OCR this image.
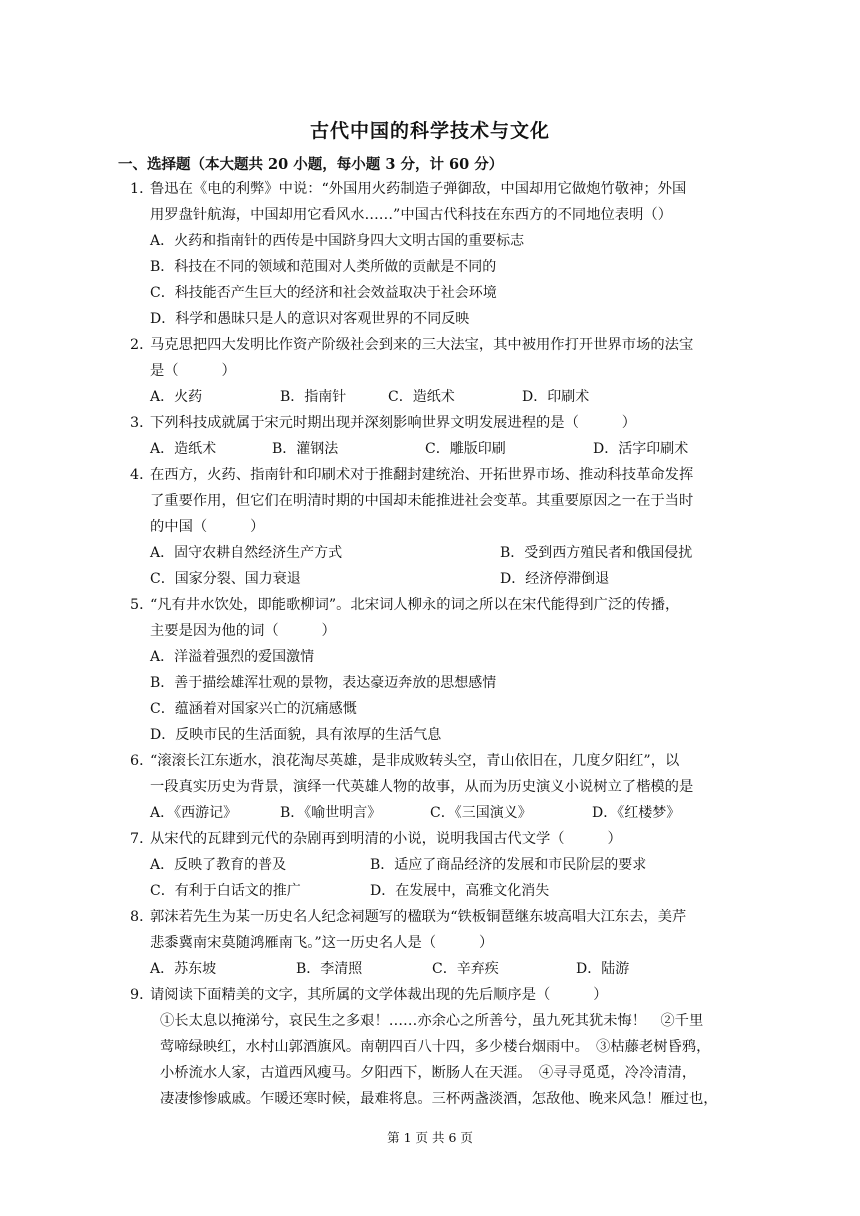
古代中国的科学技术与文化
一、选择题（本大题共 20 小题，每小题 3 分，计 60 分）
1．
鲁迅在《电的利弊》中说：“外国用火药制造子弹御敌，中国却用它做炮竹敬神；外国
用罗盘针航海，中国却用它看风水……”中国古代科技在东西方的不同地位表明（）
A．火药和指南针的西传是中国跻身四大文明古国的重要标志
B．科技在不同的领域和范围对人类所做的贡献是不同的
C．科技能否产生巨大的经济和社会效益取决于社会环境
D．科学和愚昧只是人的意识对客观世界的不同反映
2．
马克思把四大发明比作资产阶级社会到来的三大法宝，其中被用作打开世界市场的法宝
是（　　　）
A．火药	B．指南针	C．造纸术	D．印刷术
3．
下列科技成就属于宋元时期出现并深刻影响世界文明发展进程的是（　　　）
A．造纸术	B．灌钢法	C．雕版印刷	D．活字印刷术
4．
在西方，火药、指南针和印刷术对于推翻封建统治、开拓世界市场、推动科技革命发挥
了重要作用，但它们在明清时期的中国却未能推进社会变革。其重要原因之一在于当时
的中国（　　　）
A．固守农耕自然经济生产方式	B．受到西方殖民者和俄国侵扰
C．国家分裂、国力衰退	D．经济停滞倒退
5．
“凡有井水饮处，即能歌柳词”。北宋词人柳永的词之所以在宋代能得到广泛的传播，
主要是因为他的词（　　　）
A．洋溢着强烈的爱国激情
B．善于描绘雄浑壮观的景物，表达豪迈奔放的思想感情
C．蕴涵着对国家兴亡的沉痛感慨
D．反映市民的生活面貌，具有浓厚的生活气息
6．
“滚滚长江东逝水，浪花淘尽英雄，是非成败转头空，青山依旧在，几度夕阳红”，以
一段真实历史为背景，演绎一代英雄人物的故事，从而为历史演义小说树立了楷模的是
A．《西游记》	B．《喻世明言》	C．《三国演义》	D．《红楼梦》
7．
从宋代的瓦肆到元代的杂剧再到明清的小说，说明我国古代文学（　　　）
A．反映了教育的普及	B．适应了商品经济的发展和市民阶层的要求
C．有利于白话文的推广	D．在发展中，高雅文化消失
8．
郭沫若先生为某一历史名人纪念祠题写的楹联为“铁板铜琶继东坡高唱大江东去，美芹
悲黍冀南宋莫随鸿雁南飞。”这一历史名人是（　　　）
A．苏东坡	B．李清照	C．辛弃疾	D．陆游
9．
请阅读下面精美的文字，其所属的文学体裁出现的先后顺序是（　　　）
①长太息以掩涕兮，哀民生之多艰！……亦余心之所善兮，虽九死其犹未悔！　②千里
莺啼绿映红，水村山郭酒旗风。南朝四百八十四，多少楼台烟雨中。　③枯藤老树昏鸦，
小桥流水人家，古道西风瘦马。夕阳西下，断肠人在天涯。　④寻寻觅觅，冷冷清清，
凄凄惨惨戚戚。乍暖还寒时候，最难将息。三杯两盏淡酒，怎敌他、晚来风急！雁过也，
第 1 页 共 6 页
